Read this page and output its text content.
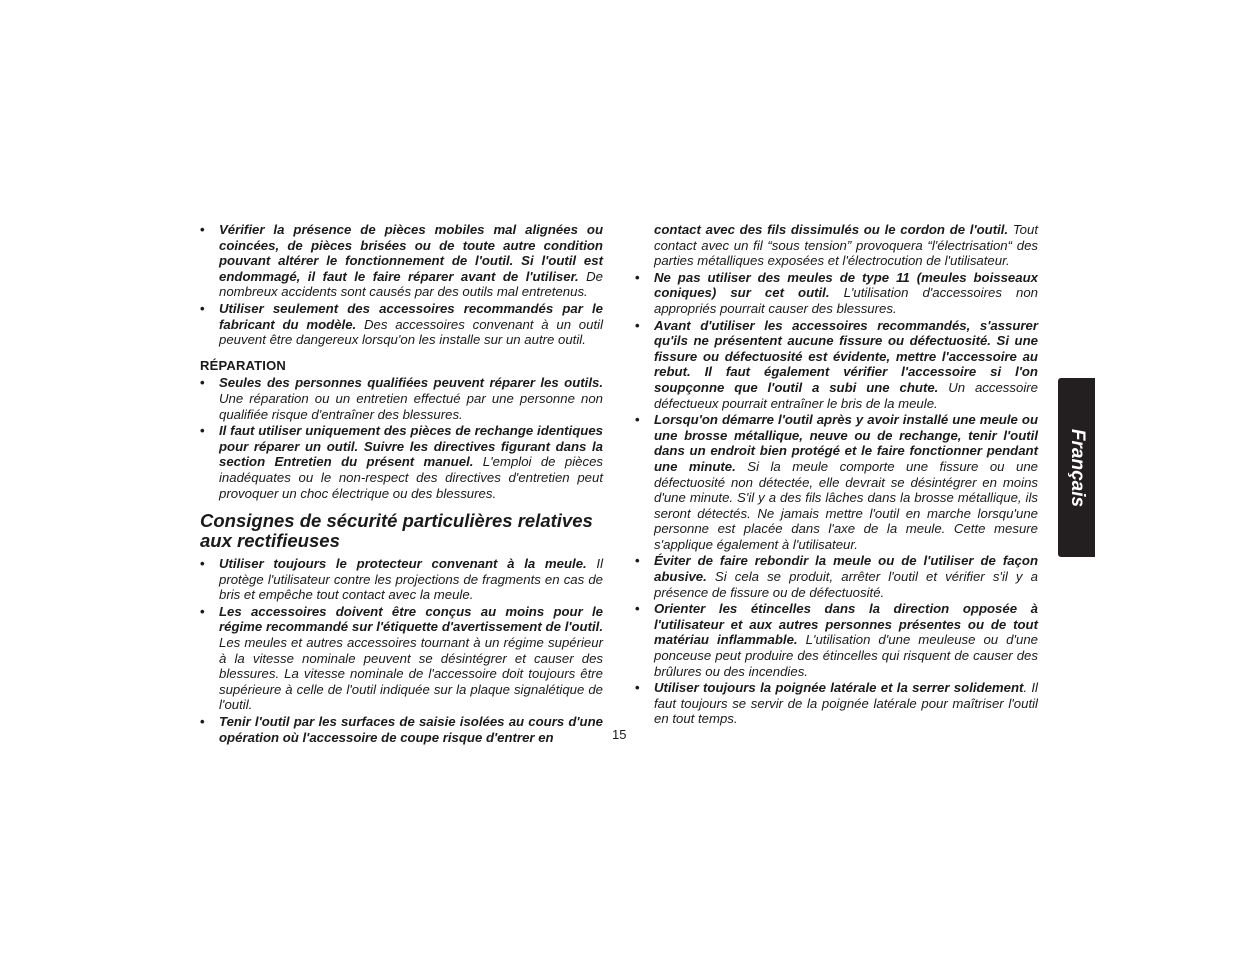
• Vérifier la présence de pièces mobiles mal alignées ou coincées, de pièces brisées ou de toute autre condition pouvant altérer le fonctionnement de l'outil. Si l'outil est endommagé, il faut le faire réparer avant de l'utiliser. De nombreux accidents sont causés par des outils mal entretenus.
• Utiliser seulement des accessoires recommandés par le fabricant du modèle. Des accessoires convenant à un outil peuvent être dangereux lorsqu'on les installe sur un autre outil.
RÉPARATION
• Seules des personnes qualifiées peuvent réparer les outils. Une réparation ou un entretien effectué par une personne non qualifiée risque d'entraîner des blessures.
• Il faut utiliser uniquement des pièces de rechange identiques pour réparer un outil. Suivre les directives figurant dans la section Entretien du présent manuel. L'emploi de pièces inadéquates ou le non-respect des directives d'entretien peut provoquer un choc électrique ou des blessures.
Consignes de sécurité particulières relatives aux rectifieuses
• Utiliser toujours le protecteur convenant à la meule. Il protège l'utilisateur contre les projections de fragments en cas de bris et empêche tout contact avec la meule.
• Les accessoires doivent être conçus au moins pour le régime recommandé sur l'étiquette d'avertissement de l'outil. Les meules et autres accessoires tournant à un régime supérieur à la vitesse nominale peuvent se désintégrer et causer des blessures. La vitesse nominale de l'accessoire doit toujours être supérieure à celle de l'outil indiquée sur la plaque signalétique de l'outil.
• Tenir l'outil par les surfaces de saisie isolées au cours d'une opération où l'accessoire de coupe risque d'entrer en
contact avec des fils dissimulés ou le cordon de l'outil. Tout contact avec un fil “sous tension” provoquera “l'électrisation“ des parties métalliques exposées et l'électrocution de l'utilisateur.
• Ne pas utiliser des meules de type 11 (meules boisseaux coniques) sur cet outil. L'utilisation d'accessoires non appropriés pourrait causer des blessures.
• Avant d'utiliser les accessoires recommandés, s'assurer qu'ils ne présentent aucune fissure ou défectuosité. Si une fissure ou défectuosité est évidente, mettre l'accessoire au rebut. Il faut également vérifier l'accessoire si l'on soupçonne que l'outil a subi une chute. Un accessoire défectueux pourrait entraîner le bris de la meule.
• Lorsqu'on démarre l'outil après y avoir installé une meule ou une brosse métallique, neuve ou de rechange, tenir l'outil dans un endroit bien protégé et le faire fonctionner pendant une minute. Si la meule comporte une fissure ou une défectuosité non détectée, elle devrait se désintégrer en moins d'une minute. S'il y a des fils lâches dans la brosse métallique, ils seront détectés. Ne jamais mettre l'outil en marche lorsqu'une personne est placée dans l'axe de la meule. Cette mesure s'applique également à l'utilisateur.
• Éviter de faire rebondir la meule ou de l'utiliser de façon abusive. Si cela se produit, arrêter l'outil et vérifier s'il y a présence de fissure ou de défectuosité.
• Orienter les étincelles dans la direction opposée à l'utilisateur et aux autres personnes présentes ou de tout matériau inflammable. L'utilisation d'une meuleuse ou d'une ponceuse peut produire des étincelles qui risquent de causer des brûlures ou des incendies.
• Utiliser toujours la poignée latérale et la serrer solidement. Il faut toujours se servir de la poignée latérale pour maîtriser l'outil en tout temps.
15
Français
